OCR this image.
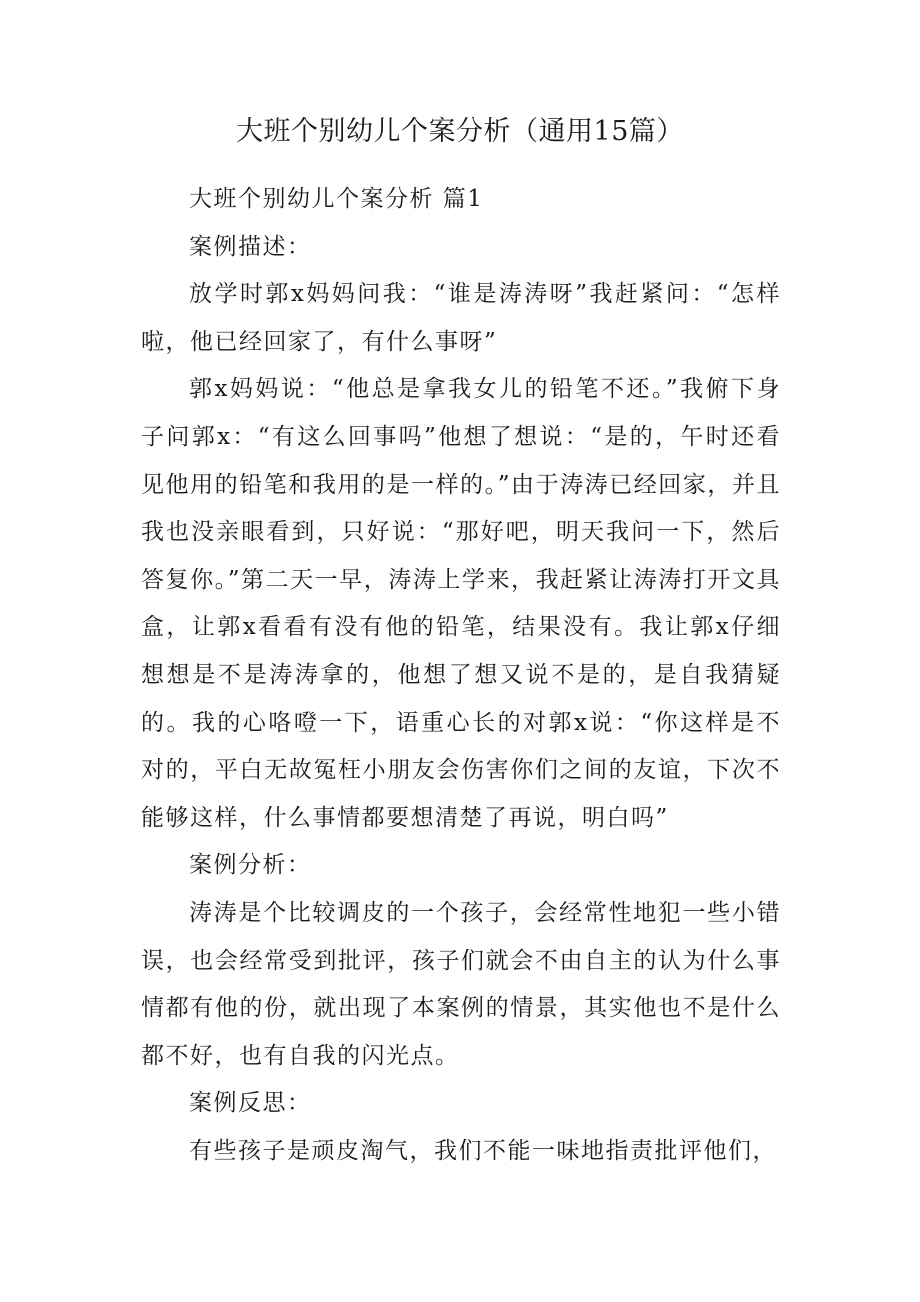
大班个别幼儿个案分析（通用15篇）

大班个别幼儿个案分析 篇1

案例描述：

放学时郭x妈妈问我：“谁是涛涛呀”我赶紧问：“怎样啦，他已经回家了，有什么事呀”

郭x妈妈说：“他总是拿我女儿的铅笔不还。”我俯下身子问郭x：“有这么回事吗”他想了想说：“是的，午时还看见他用的铅笔和我用的是一样的。”由于涛涛已经回家，并且我也没亲眼看到，只好说：“那好吧，明天我问一下，然后答复你。”第二天一早，涛涛上学来，我赶紧让涛涛打开文具盒，让郭x看看有没有他的铅笔，结果没有。我让郭x仔细想想是不是涛涛拿的，他想了想又说不是的，是自我猜疑的。我的心咯噔一下，语重心长的对郭x说：“你这样是不对的，平白无故冤枉小朋友会伤害你们之间的友谊，下次不能够这样，什么事情都要想清楚了再说，明白吗”

案例分析：

涛涛是个比较调皮的一个孩子，会经常性地犯一些小错误，也会经常受到批评，孩子们就会不由自主的认为什么事情都有他的份，就出现了本案例的情景，其实他也不是什么都不好，也有自我的闪光点。

案例反思：

有些孩子是顽皮淘气，我们不能一味地指责批评他们，
